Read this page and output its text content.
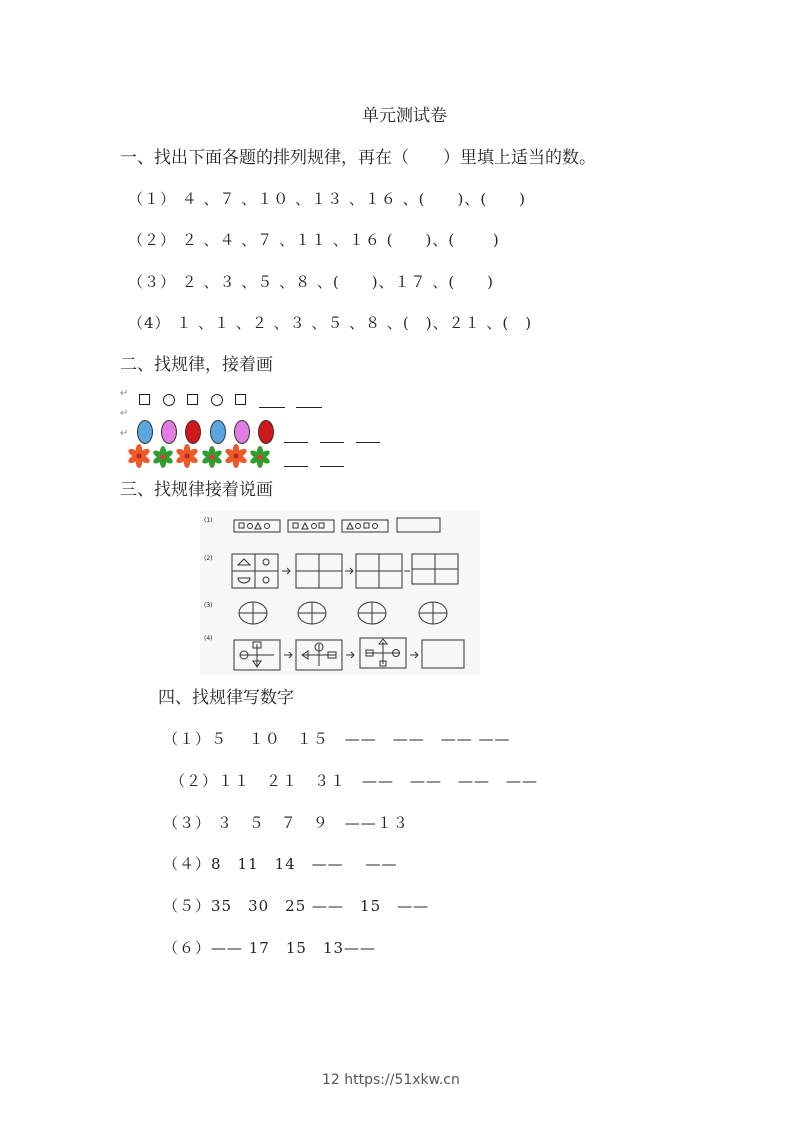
单元测试卷
一、找出下面各题的排列规律，再在（　　）里填上适当的数。
（１） ４ 、７ 、１０ 、１３ 、１６ 、(　　)、(　　)
（２） ２ 、４ 、７ 、１１ 、１６ (　　)、(　　 )
（３） ２ 、３ 、５ 、８ 、(　　)、１７ 、(　　)
（4） １ 、１ 、２ 、３ 、５ 、８ 、(　)、２１ 、(　)
二、找规律，接着画
↵
↵
↵
三、找规律接着说画
(1)
(2)
(3)
(4)
四、找规律写数字
（１）５　 １０　１５　——　——　—— ——
（２）１１　２１　３１　——　——　——　——
（３） ３　５　７　９　——１３
（４）8　11　14　——　 ——
（５）35　30　25 ——　15　——
（６）—— 17　15　13——
12 https://51xkw.cn
